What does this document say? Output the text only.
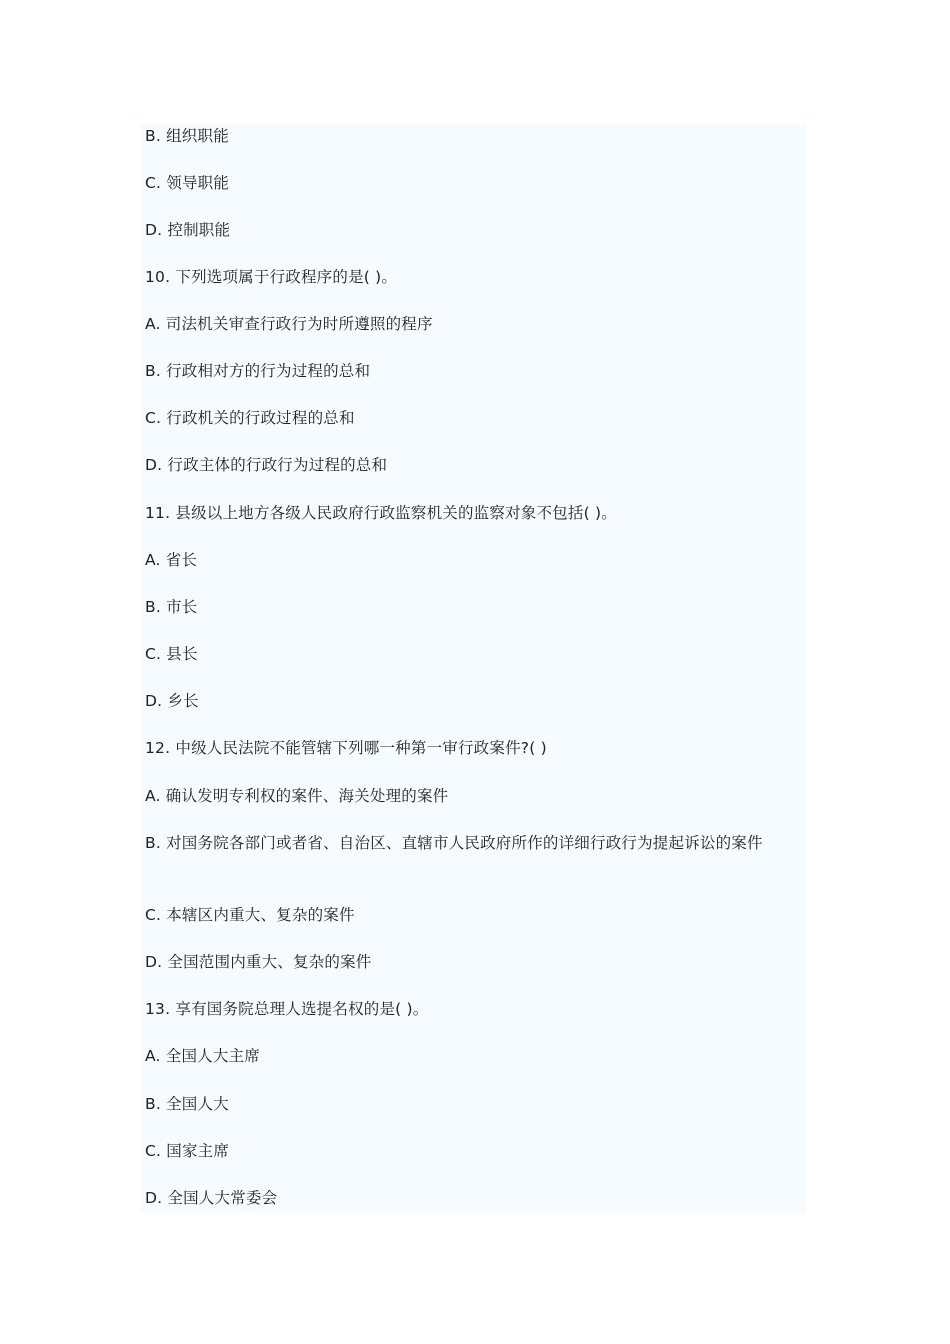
B. 组织职能
C. 领导职能
D. 控制职能
10. 下列选项属于行政程序的是( )。
A. 司法机关审查行政行为时所遵照的程序
B. 行政相对方的行为过程的总和
C. 行政机关的行政过程的总和
D. 行政主体的行政行为过程的总和
11. 县级以上地方各级人民政府行政监察机关的监察对象不包括( )。
A. 省长
B. 市长
C. 县长
D. 乡长
12. 中级人民法院不能管辖下列哪一种第一审行政案件?( )
A. 确认发明专利权的案件、海关处理的案件
B. 对国务院各部门或者省、自治区、直辖市人民政府所作的详细行政行为提起诉讼的案件
C. 本辖区内重大、复杂的案件
D. 全国范围内重大、复杂的案件
13. 享有国务院总理人选提名权的是( )。
A. 全国人大主席
B. 全国人大
C. 国家主席
D. 全国人大常委会
